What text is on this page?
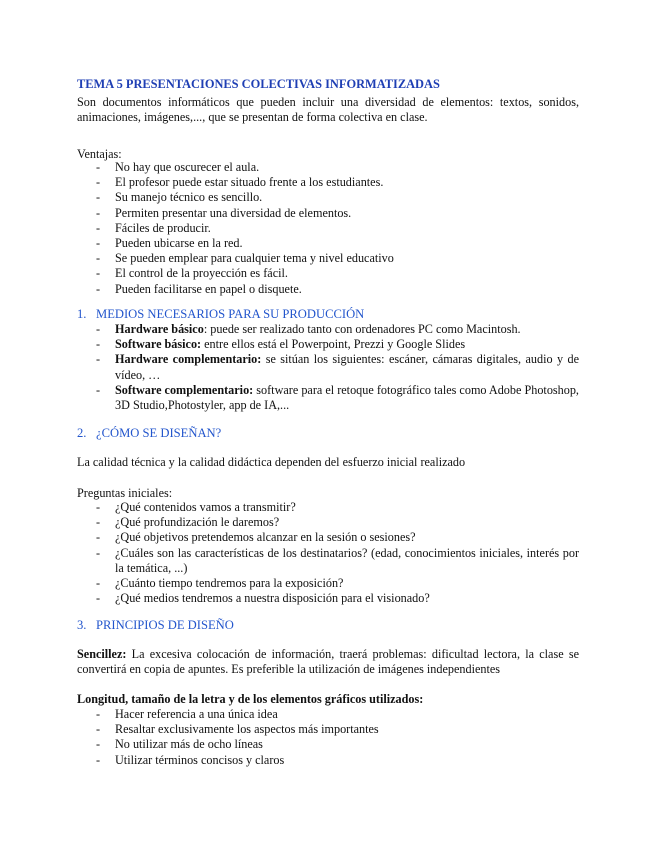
TEMA 5 PRESENTACIONES COLECTIVAS INFORMATIZADAS

Son documentos informáticos que pueden incluir una diversidad de elementos: textos, sonidos, animaciones, imágenes,..., que se presentan de forma colectiva en clase.

Ventajas:

- No hay que oscurecer el aula.
- El profesor puede estar situado frente a los estudiantes.
- Su manejo técnico es sencillo.
- Permiten presentar una diversidad de elementos.
- Fáciles de producir.
- Pueden ubicarse en la red.
- Se pueden emplear para cualquier tema y nivel educativo
- El control de la proyección es fácil.
- Pueden facilitarse en papel o disquete.
1. MEDIOS NECESARIOS PARA SU PRODUCCIÓN
- Hardware básico: puede ser realizado tanto con ordenadores PC como Macintosh.
- Software básico: entre ellos está el Powerpoint, Prezzi y Google Slides
- Hardware complementario: se sitúan los siguientes: escáner, cámaras digitales, audio y de vídeo, …
- Software complementario: software para el retoque fotográfico tales como Adobe Photoshop, 3D Studio,Photostyler, app de IA,...
2. ¿CÓMO SE DISEÑAN?

La calidad técnica y la calidad didáctica dependen del esfuerzo inicial realizado

Preguntas iniciales:

- ¿Qué contenidos vamos a transmitir?
- ¿Qué profundización le daremos?
- ¿Qué objetivos pretendemos alcanzar en la sesión o sesiones?
- ¿Cuáles son las características de los destinatarios? (edad, conocimientos iniciales, interés por la temática, ...)
- ¿Cuánto tiempo tendremos para la exposición?
- ¿Qué medios tendremos a nuestra disposición para el visionado?
3. PRINCIPIOS DE DISEÑO

Sencillez: La excesiva colocación de información, traerá problemas: dificultad lectora, la clase se convertirá en copia de apuntes. Es preferible la utilización de imágenes independientes

Longitud, tamaño de la letra y de los elementos gráficos utilizados:

- Hacer referencia a una única idea
- Resaltar exclusivamente los aspectos más importantes
- No utilizar más de ocho líneas
- Utilizar términos concisos y claros
